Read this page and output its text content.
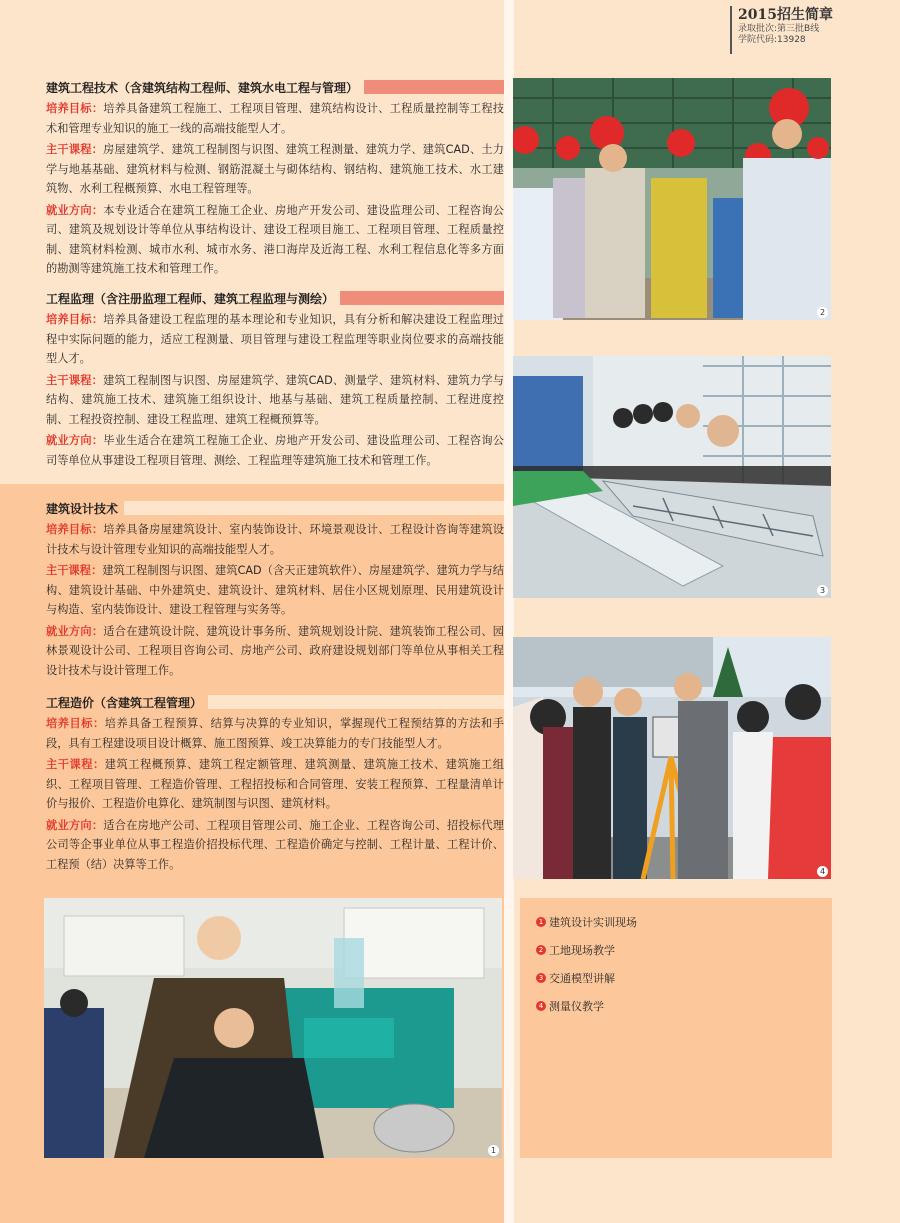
2015招生简章
录取批次:第三批B线
学院代码:13928
建筑工程技术（含建筑结构工程师、建筑水电工程与管理）

培养目标：培养具备建筑工程施工、工程项目管理、建筑结构设计、工程质量控制等工程技术和管理专业知识的施工一线的高端技能型人才。

主干课程：房屋建筑学、建筑工程制图与识图、建筑工程测量、建筑力学、建筑CAD、土力学与地基基础、建筑材料与检测、钢筋混凝土与砌体结构、钢结构、建筑施工技术、水工建筑物、水利工程概预算、水电工程管理等。

就业方向：本专业适合在建筑工程施工企业、房地产开发公司、建设监理公司、工程咨询公司、建筑及规划设计等单位从事结构设计、建设工程项目施工、工程项目管理、工程质量控制、建筑材料检测、城市水利、城市水务、港口海岸及近海工程、水利工程信息化等多方面的勘测等建筑施工技术和管理工作。

工程监理（含注册监理工程师、建筑工程监理与测绘）

培养目标：培养具备建设工程监理的基本理论和专业知识，具有分析和解决建设工程监理过程中实际问题的能力，适应工程测量、项目管理与建设工程监理等职业岗位要求的高端技能型人才。

主干课程：建筑工程制图与识图、房屋建筑学、建筑CAD、测量学、建筑材料、建筑力学与结构、建筑施工技术、建筑施工组织设计、地基与基础、建筑工程质量控制、工程进度控制、工程投资控制、建设工程监理、建筑工程概预算等。

就业方向：毕业生适合在建筑工程施工企业、房地产开发公司、建设监理公司、工程咨询公司等单位从事建设工程项目管理、测绘、工程监理等建筑施工技术和管理工作。

建筑设计技术

培养目标：培养具备房屋建筑设计、室内装饰设计、环境景观设计、工程设计咨询等建筑设计技术与设计管理专业知识的高端技能型人才。

主干课程：建筑工程制图与识图、建筑CAD（含天正建筑软件）、房屋建筑学、建筑力学与结构、建筑设计基础、中外建筑史、建筑设计、建筑材料、居住小区规划原理、民用建筑设计与构造、室内装饰设计、建设工程管理与实务等。

就业方向：适合在建筑设计院、建筑设计事务所、建筑规划设计院、建筑装饰工程公司、园林景观设计公司、工程项目咨询公司、房地产公司、政府建设规划部门等单位从事相关工程设计技术与设计管理工作。

工程造价（含建筑工程管理）

培养目标：培养具备工程预算、结算与决算的专业知识，掌握现代工程预结算的方法和手段，具有工程建设项目设计概算、施工图预算、竣工决算能力的专门技能型人才。

主干课程：建筑工程概预算、建筑工程定额管理、建筑测量、建筑施工技术、建筑施工组织、工程项目管理、工程造价管理、工程招投标和合同管理、安装工程预算、工程量清单计价与报价、工程造价电算化、建筑制图与识图、建筑材料。

就业方向：适合在房地产公司、工程项目管理公司、施工企业、工程咨询公司、招投标代理公司等企事业单位从事工程造价招投标代理、工程造价确定与控制、工程计量、工程计价、工程预（结）决算等工作。

1
2
3
4
1 建筑设计实训现场
2 工地现场教学
3 交通模型讲解
4 测量仪教学
